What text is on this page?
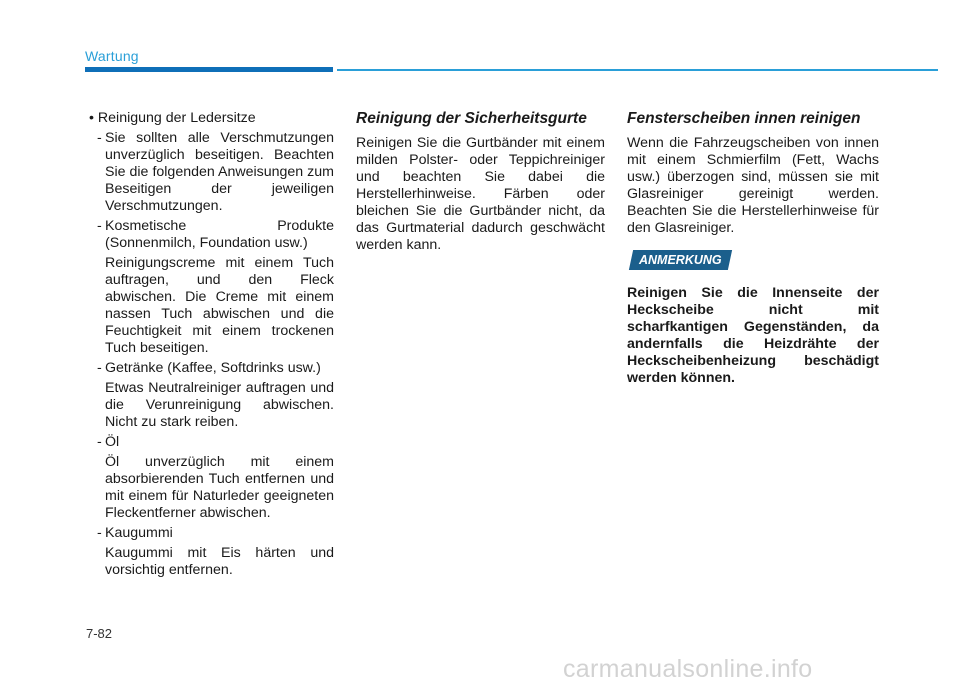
Wartung

• Reinigung der Ledersitze

- Sie sollten alle Verschmutzungen unverzüglich beseitigen. Beachten Sie die folgenden Anweisungen zum Beseitigen der jeweiligen Verschmutzungen.
- Kosmetische Produkte (Sonnenmilch, Foundation usw.)

Reinigungscreme mit einem Tuch auftragen, und den Fleck abwischen. Die Creme mit einem nassen Tuch abwischen und die Feuchtigkeit mit einem trockenen Tuch beseitigen.

- Getränke (Kaffee, Softdrinks usw.)

Etwas Neutralreiniger auftragen und die Verunreinigung abwischen. Nicht zu stark reiben.

- Öl

Öl unverzüglich mit einem absorbierenden Tuch entfernen und mit einem für Naturleder geeigneten Fleckentferner abwischen.

- Kaugummi

Kaugummi mit Eis härten und vorsichtig entfernen.

Reinigung der Sicherheitsgurte

Reinigen Sie die Gurtbänder mit einem milden Polster- oder Teppichreiniger und beachten Sie dabei die Herstellerhinweise. Färben oder bleichen Sie die Gurtbänder nicht, da das Gurtmaterial dadurch geschwächt werden kann.

Fensterscheiben innen reinigen

Wenn die Fahrzeugscheiben von innen mit einem Schmierfilm (Fett, Wachs usw.) überzogen sind, müssen sie mit Glasreiniger gereinigt werden. Beachten Sie die Herstellerhinweise für den Glasreiniger.

ANMERKUNG

Reinigen Sie die Innenseite der Heckscheibe nicht mit scharfkantigen Gegenständen, da andernfalls die Heizdrähte der Heckscheibenheizung beschädigt werden können.

7-82
carmanualsonline.info
